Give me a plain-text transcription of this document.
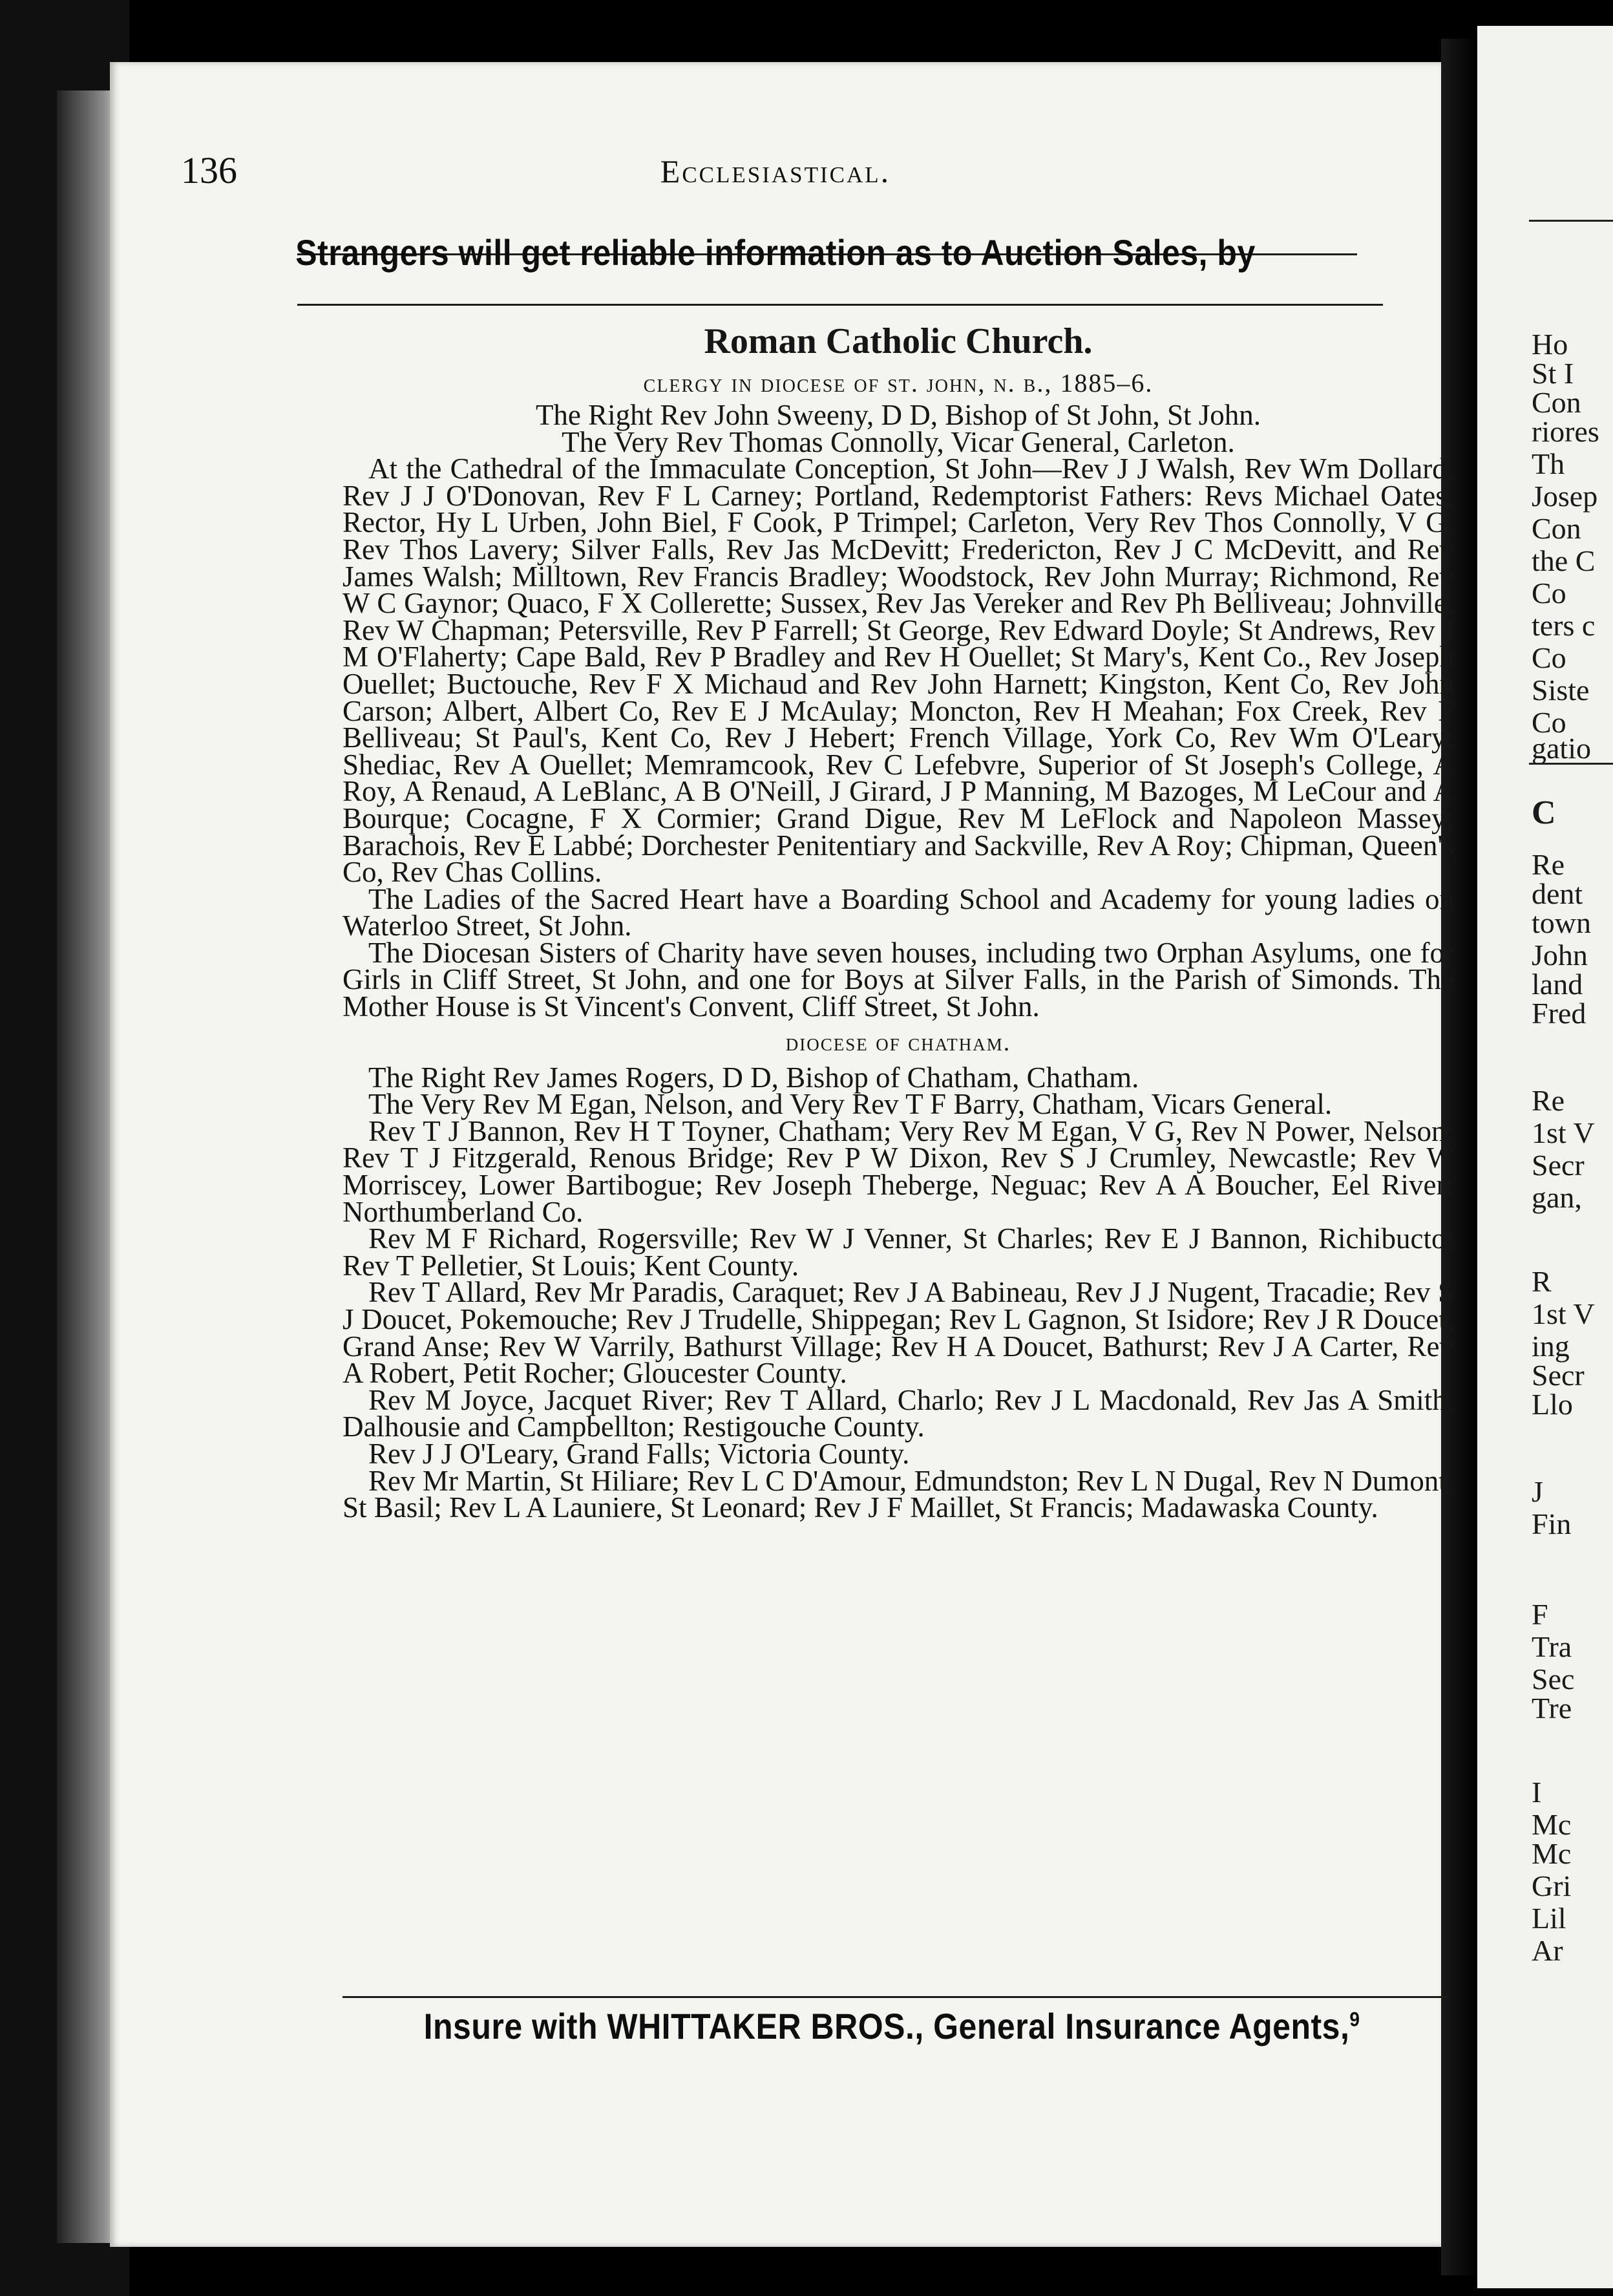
Ho
St I
Con
riores
Th
Josep
Con
the C
Co
ters c
Co
Siste
Co
gatio
C
Re
dent
town
John
land
Fred
Re
1st V
Secr
gan,
R
1st V
ing
Secr
Llo
J
Fin
F
Tra
Sec
Tre
I
Mc
Mc
Gri
Lil
Ar
136	Ecclesiastical.
Strangers will get reliable information as to Auction Sales, by
Roman Catholic Church.
clergy in diocese of st. john, n. b., 1885–6.

The Right Rev John Sweeny, D D, Bishop of St John, St John.

The Very Rev Thomas Connolly, Vicar General, Carleton.

At the Cathedral of the Immaculate Conception, St John—Rev J J Walsh, Rev Wm Dollard, Rev J J O'Donovan, Rev F L Carney; Portland, Redemptorist Fathers: Revs Michael Oates, Rector, Hy L Urben, John Biel, F Cook, P Trimpel; Carleton, Very Rev Thos Connolly, V G, Rev Thos Lavery; Silver Falls, Rev Jas McDevitt; Fredericton, Rev J C McDevitt, and Rev James Walsh; Milltown, Rev Francis Bradley; Woodstock, Rev John Murray; Richmond, Rev W C Gaynor; Quaco, F X Collerette; Sussex, Rev Jas Vereker and Rev Ph Belliveau; Johnville, Rev W Chapman; Petersville, Rev P Farrell; St George, Rev Edward Doyle; St Andrews, Rev J M O'Flaherty; Cape Bald, Rev P Bradley and Rev H Ouellet; St Mary's, Kent Co., Rev Joseph Ouellet; Buctouche, Rev F X Michaud and Rev John Harnett; Kingston, Kent Co, Rev John Carson; Albert, Albert Co, Rev E J McAulay; Moncton, Rev H Meahan; Fox Creek, Rev F Belliveau; St Paul's, Kent Co, Rev J Hebert; French Village, York Co, Rev Wm O'Leary; Shediac, Rev A Ouellet; Memramcook, Rev C Lefebvre, Superior of St Joseph's College, A Roy, A Renaud, A LeBlanc, A B O'Neill, J Girard, J P Manning, M Bazoges, M LeCour and A Bourque; Cocagne, F X Cormier; Grand Digue, Rev M LeFlock and Napoleon Massey; Barachois, Rev E Labbé; Dorchester Penitentiary and Sackville, Rev A Roy; Chipman, Queen's Co, Rev Chas Collins.

The Ladies of the Sacred Heart have a Boarding School and Academy for young ladies on Waterloo Street, St John.

The Diocesan Sisters of Charity have seven houses, including two Orphan Asylums, one for Girls in Cliff Street, St John, and one for Boys at Silver Falls, in the Parish of Simonds. The Mother House is St Vincent's Convent, Cliff Street, St John.

diocese of chatham.

The Right Rev James Rogers, D D, Bishop of Chatham, Chatham.

The Very Rev M Egan, Nelson, and Very Rev T F Barry, Chatham, Vicars General.

Rev T J Bannon, Rev H T Toyner, Chatham; Very Rev M Egan, V G, Rev N Power, Nelson; Rev T J Fitzgerald, Renous Bridge; Rev P W Dixon, Rev S J Crumley, Newcastle; Rev W Morriscey, Lower Bartibogue; Rev Joseph Theberge, Neguac; Rev A A Boucher, Eel River; Northumberland Co.

Rev M F Richard, Rogersville; Rev W J Venner, St Charles; Rev E J Bannon, Richibucto; Rev T Pelletier, St Louis; Kent County.

Rev T Allard, Rev Mr Paradis, Caraquet; Rev J A Babineau, Rev J J Nugent, Tracadie; Rev S J Doucet, Pokemouche; Rev J Trudelle, Shippegan; Rev L Gagnon, St Isidore; Rev J R Doucet, Grand Anse; Rev W Varrily, Bathurst Village; Rev H A Doucet, Bathurst; Rev J A Carter, Rev A Robert, Petit Rocher; Gloucester County.

Rev M Joyce, Jacquet River; Rev T Allard, Charlo; Rev J L Macdonald, Rev Jas A Smith, Dalhousie and Campbellton; Restigouche County.

Rev J J O'Leary, Grand Falls; Victoria County.

Rev Mr Martin, St Hiliare; Rev L C D'Amour, Edmundston; Rev L N Dugal, Rev N Dumont, St Basil; Rev L A Launiere, St Leonard; Rev J F Maillet, St Francis; Madawaska County.

Insure with WHITTAKER BROS., General Insurance Agents,$^9$
